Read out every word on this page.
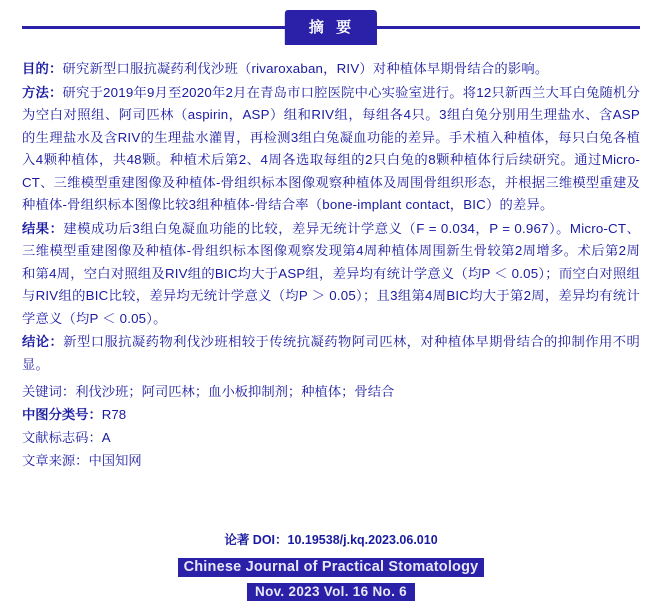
摘 要

目的：研究新型口服抗凝药利伐沙班（rivaroxaban，RIV）对种植体早期骨结合的影响。

方法：研究于2019年9月至2020年2月在青岛市口腔医院中心实验室进行。将12只新西兰大耳白兔随机分为空白对照组、阿司匹林（aspirin，ASP）组和RIV组，每组各4只。3组白兔分别用生理盐水、含ASP的生理盐水及含RIV的生理盐水灌胃，再检测3组白兔凝血功能的差异。手术植入种植体，每只白兔各植入4颗种植体，共48颗。种植术后第2、4周各选取每组的2只白兔的8颗种植体行后续研究。通过Micro-CT、三维模型重建图像及种植体-骨组织标本图像观察种植体及周围骨组织形态，并根据三维模型重建及种植体-骨组织标本图像比较3组种植体-骨结合率（bone-implant contact，BIC）的差异。

结果：建模成功后3组白兔凝血功能的比较，差异无统计学意义（F = 0.034，P = 0.967）。Micro-CT、三维模型重建图像及种植体-骨组织标本图像观察发现第4周种植体周围新生骨较第2周增多。术后第2周和第4周，空白对照组及RIV组的BIC均大于ASP组，差异均有统计学意义（均P ＜ 0.05）；而空白对照组与RIV组的BIC比较，差异均无统计学意义（均P ＞ 0.05）；且3组第4周BIC均大于第2周，差异均有统计学意义（均P ＜ 0.05）。

结论：新型口服抗凝药物利伐沙班相较于传统抗凝药物阿司匹林，对种植体早期骨结合的抑制作用不明显。

关键词：利伐沙班；阿司匹林；血小板抑制剂；种植体；骨结合

中图分类号：R78

文献标志码：A

文章来源：中国知网

论著 DOI：10.19538/j.kq.2023.06.010
Chinese Journal of Practical Stomatology
Nov. 2023 Vol. 16 No. 6
